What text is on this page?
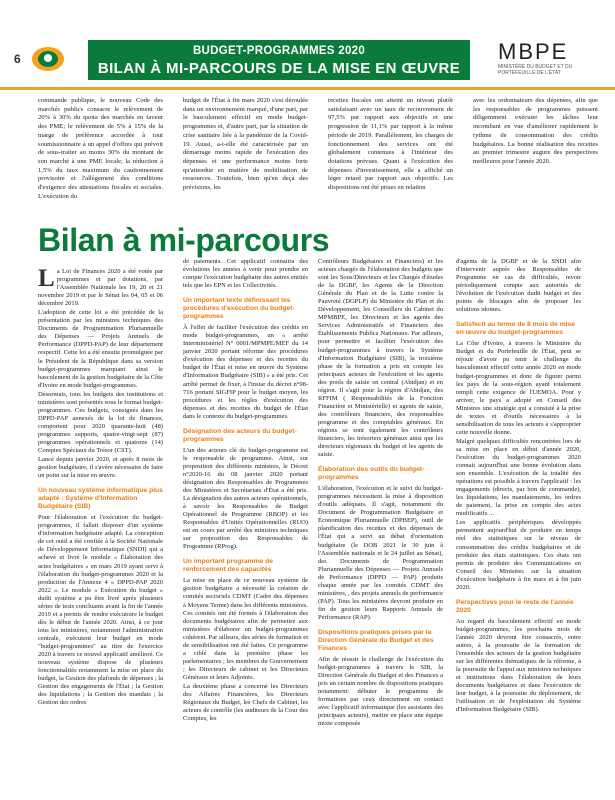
6
BUDGET-PROGRAMMES 2020
BILAN À MI-PARCOURS DE LA MISE EN ŒUVRE
MBPE
MINISTÈRE DU BUDGET ET DU PORTEFEUILLE DE L'ÉTAT

commande publique, le nouveau Code des marchés publics consacre le relèvement de 20% à 30% du quota des marchés en faveur des PME; le relèvement de 5% à 15% de la marge de préférence accordée à tout soumissionnaire à un appel d'offres qui prévoit de sous-traiter au moins 30% du montant de son marché à une PME locale; la réduction à 1,5% du taux maximum du cautionnement provisoire et l'allègement des conditions d'exigence des attestations fiscales et sociales. L'exécution du

budget de l'État à fin mars 2020 s'est déroulée dans un environnement marqué, d'une part, par le basculement effectif en mode budget-programmes et, d'autre part, par la situation de crise sanitaire liée à la pandémie de la Covid-19. Aussi, a-t-elle été caractérisée par un démarrage moins rapide de l'exécution des dépenses et une performance moins forte qu'attendue en matière de mobilisation de ressources. Toutefois, bien qu'en deçà des prévisions, les

recettes fiscales ont atteint un niveau plutôt satisfaisant avec un taux de recouvrement de 97,5% par rapport aux objectifs et une progression de 11,1% par rapport à la même période de 2019. Parallèlement, les charges de fonctionnement des services ont été globalement contenues à l'intérieur des dotations prévues. Quant à l'exécution des dépenses d'investissement, elle a affiché un léger retard par rapport aux objectifs. Les dispositions ont été prises en relation

avec les ordonnateurs des dépenses, afin que les responsables de programmes puissent diligemment exécuter les tâches leur incombant en vue d'améliorer rapidement le rythme de consommation des crédits budgétaires. La bonne réalisation des recettes au premier trimestre augure des perspectives meilleures pour l'année 2020.

Bilan à mi-parcours

La Loi de Finances 2020 a été votée par programmes et par dotations, par l'Assemblée Nationale les 19, 20 et 21 novembre 2019 et par le Sénat les 04, 05 et 06 décembre 2019.

L'adoption de cette loi a été précédée de la présentation par les ministres techniques des Documents de Programmation Pluriannuelle des Dépenses — Projets Annuels de Performance (DPPD-PAP) de leur département respectif. Cette loi a été ensuite promulguée par le Président de la République dans sa version budget-programmes marquant ainsi le basculement de la gestion budgétaire de la Côte d'Ivoire en mode budget-programmes.

Désormais, tous les budgets des institutions et ministères sont présentés sous le format budget-programmes. Ces budgets, consignés dans les DPPD-PAP annexés de la loi de finances, comportent pour 2020 quarante-huit (48) programmes supports, quatre-vingt-sept (87) programmes opérationnels et quatorze (14) Comptes Spéciaux du Trésor (CST).

Lancé depuis janvier 2020, et après 8 mois de gestion budgétaire, il s'avère nécessaire de faire un point sur la mise en œuvre.

Un nouveau système informatique plus adapté : Système d'Information Budgétaire (SIB)

Pour l'élaboration et l'exécution du budget-programmes, il fallait disposer d'un système d'information budgétaire adapté. La conception de cet outil a été confiée à la Société Nationale de Développement Informatique (SNDI) qui a achevé et livré le module « Élaboration des actes budgétaires » en mars 2019 ayant servi à l'élaboration du budget-programmes 2020 et la production de l'Annexe 4 « DPPD-PAP 2020 2022 ». Le module « Exécution du budget » dudit système a pu être livré après plusieurs séries de tests concluants avant la fin de l'année 2019 et a permis de rendre exécutoire le budget dès le début de l'année 2020. Ainsi, à ce jour tous les ministères, notamment l'administration centrale, exécutent leur budget en mode "budget-programmes" au titre de l'exercice 2020 à travers ce nouvel applicatif amélioré. Ce nouveau système dispose de plusieurs fonctionnalités notamment la mise en place du budget, la Gestion des plafonds de dépenses ; la Gestion des engagements de l'État ; la Gestion des liquidations ; la Gestion des mandats ; la Gestion des ordres

de paiements. Cet applicatif connaitra des évolutions les années à venir pour prendre en compte l'exécution budgétaire des autres entités tels que les EPN et les Collectivités.

Un important texte définissant les procédures d'exécution du budget-programmes

À l'effet de faciliter l'exécution des crédits en mode budget-programmes, un « arrêté Interministériel N° 0001/MPMPE/MEF du 14 janvier 2020 portant réforme des procédures d'exécution des dépenses et des recettes du budget de l'État et mise en œuvre du Système d'Information Budgétaire (SIB) » a été pris. Cet arrêté permet de fixer, à l'instar du décret n°98-716 portant SIGFIP pour le budget moyen, les procédures et les règles d'exécution des dépenses et des recettes du budget de l'État dans le contexte du budget-programmes.

Désignation des acteurs du budget-programmes

L'un des acteurs clé du budget-programme est le responsable de programme. Ainsi, sur proposition des différents ministres, le Décret n°2020-16 du 08 janvier 2020 portant désignation des Responsables de Programmes des Ministères et Secrétariats d'État a été pris. La désignation des autres acteurs opérationnels, à savoir les Responsables de Budget Opérationnel de Programme (RBOP) et les Responsables d'Unités Opérationnelles (RUO) est en cours par arrêté des ministres techniques sur proposition des Responsables de Programme (RProg).

Un important programme de renforcement des capacités

La mise en place de ce nouveau système de gestion budgétaire a nécessité la création de comités sectoriels CDMT (Cadre des dépenses à Moyens Terme) dans les différents ministères. Ces comités ont été formés à l'élaboration des documents budgétaires afin de permettre aux ministères d'élaborer un budget-programmes cohérent. Par ailleurs, des séries de formation et de sensibilisation ont été faites. Ce programme a ciblé dans la première phase les parlementaires ; les membres du Gouvernement ; les Directeurs de cabinet et les Directeurs Généraux et leurs Adjoints.

La deuxième phase a concerné les Directeurs des Affaires Financières, les Directeurs Régionaux du Budget, les Chefs de Cabinet, les acteurs de contrôle (les auditeurs de la Cour des Comptes, les

Contrôleurs Budgétaires et Financiers) et les acteurs chargés de l'élaboration des budgets que sont les Sous/Directeurs et les Chargés d'études de la DGBF, les Agents de la Direction Générale du Plan et de la Lutte contre la Pauvreté (DGPLP) du Ministère du Plan et du Développement, les Conseillers du Cabinet du MPMBPE, les Directeurs et les agents des Services Administratifs et Financiers des Établissements Publics Nationaux. Par ailleurs, pour permettre et faciliter l'exécution des budget-programmes à travers le Système d'Information Budgétaire (SIB), la troisième phase de la formation a pris en compte les principaux acteurs de l'exécution et les agents des pools de saisie en central (Abidjan) et en région. Il s'agit pour la région d'Abidjan, des RFFIM ( Responsabilités de la Fonction Financière et Ministérielle) et agents de saisie, des contrôleurs financiers, des responsables programme et des comptables généraux. En régions se sont également les contrôleurs financiers, les trésoriers généraux ainsi que les directeurs régionaux du budget et les agents de saisie.

Élaboration des outils du budget-programmes

L'élaboration, l'exécution et le suivi du budget-programmes nécessitent la mise à disposition d'outils adéquats. Il s'agit, notamment du Document de Programmation Budgétaire et Économique Pluriannuelle (DPBEP), outil de planification des recettes et des dépenses de l'État qui a servi au débat d'orientation budgétaire (le DOB 2021 le 30 juin à l'Assemblée nationale et le 24 juillet au Sénat), des Documents de Programmation Pluriannuelle des Dépenses — Projets Annuels de Performance (DPPD — PAP) produits chaque année par les comités CDMT des ministères, , des projets annuels de performance (PAP). Tous les ministères devront produire en fin de gestion leurs Rapports Annuels de Performance (RAP).

Dispositions pratiques prises par la Direction Générale du Budget et des Finances

Afin de réussir le challenge de l'exécution du budget-programmes à travers le SIB, la Direction Générale du Budget et des Finances a pris un certain nombre de dispositions pratiques notamment: débuter le programme de formations par ceux directement en contact avec l'applicatif informatique (les assistants des principaux acteurs), mettre en place une équipe mixte composée

d'agents de la DGBF et de la SNDI afin d'intervenir auprès des Responsables de Programme en cas de difficultés, revoir périodiquement compte aux autorités de l'évolution de l'exécution dudit budget et des points de blocages afin de proposer les solutions idoines.

Satisfecit au terme de 8 mois de mise en œuvre du budget-programmes

La Côte d'Ivoire, à travers le Ministère du Budget et du Portefeuille de l'État, peut se réjouir d'avoir pu tenir le challenge du basculement effectif cette année 2020 en mode budget-programmes et donc de figurer parmi les pays de la sous-région ayant totalement rempli cette exigence de l'UEMOA. Pour y arriver, le pays a adopté en Conseil des Ministres une stratégie qui a consisté à la prise de textes et d'outils nécessaires à la sensibilisation de tous les acteurs à s'approprier cette nouvelle donne.

Malgré quelques difficultés rencontrées lors de sa mise en place en début d'année 2020, l'exécution du budget-programmes 2020 connait aujourd'hui une bonne évolution dans son ensemble. L'exécution de la totalité des opérations est possible à travers l'applicatif : les engagements (directs, par bon de commande), les liquidations, les mandatements, les ordres de paiement, la prise en compte des actes modificatifs ...

Les applicatifs périphériques développés permettent aujourd'hui de produire en temps réel des statistiques sur le niveau de consommation des crédits budgétaires et de produire des états statistiques. Ces états ont permis de produire des Communications en Conseil des Ministres sur la situation d'exécution budgétaire à fin mars et à fin juin 2020.

Perspectives pour le reste de l'année 2020

Au regard du basculement effectif en mode budget-programmes, les prochains mois de l'année 2020 devront être consacrés, entre autres, à la poursuite de la formation de l'ensemble des acteurs de la gestion budgétaire sur les différentes thématiques de la réforme, à la poursuite de l'appui aux ministres techniques et institutions dans l'élaboration de leurs documents budgétaires et dans l'exécution de leur budget, à la poursuite du déploiement, de l'utilisation et de l'exploitation du Système d'Information Budgétaire (SIB).
